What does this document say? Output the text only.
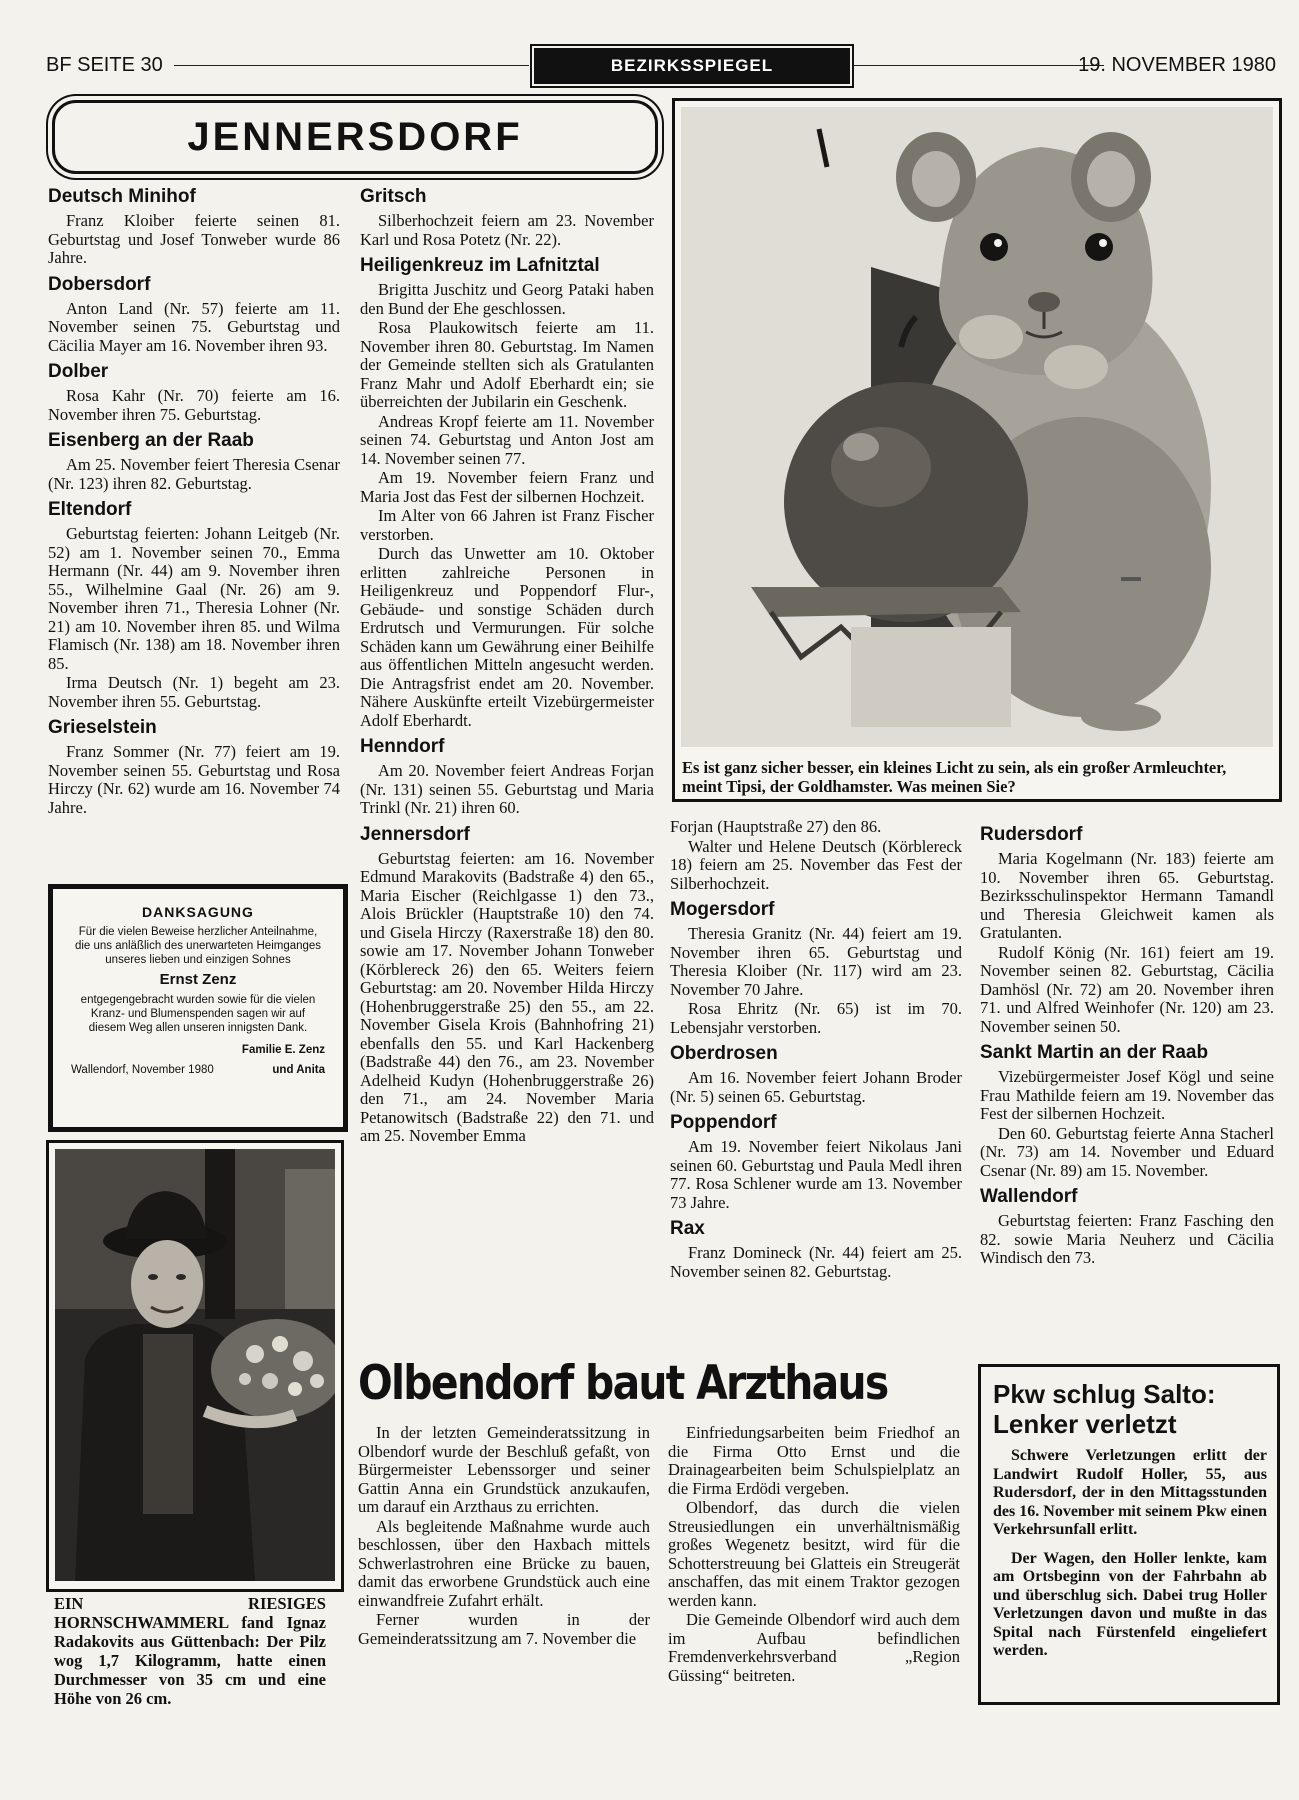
BF SEITE 30	BEZIRKSSPIEGEL	19. NOVEMBER 1980
JENNERSDORF
Deutsch Minihof

Franz Kloiber feierte seinen 81. Geburtstag und Josef Tonweber wurde 86 Jahre.

Dobersdorf

Anton Land (Nr. 57) feierte am 11. November seinen 75. Geburtstag und Cäcilia Mayer am 16. November ihren 93.

Dolber

Rosa Kahr (Nr. 70) feierte am 16. November ihren 75. Geburtstag.

Eisenberg an der Raab

Am 25. November feiert Theresia Csenar (Nr. 123) ihren 82. Geburtstag.

Eltendorf

Geburtstag feierten: Johann Leitgeb (Nr. 52) am 1. November seinen 70., Emma Hermann (Nr. 44) am 9. November ihren 55., Wilhelmine Gaal (Nr. 26) am 9. November ihren 71., Theresia Lohner (Nr. 21) am 10. November ihren 85. und Wilma Flamisch (Nr. 138) am 18. November ihren 85.

Irma Deutsch (Nr. 1) begeht am 23. November ihren 55. Geburtstag.

Grieselstein

Franz Sommer (Nr. 77) feiert am 19. November seinen 55. Geburtstag und Rosa Hirczy (Nr. 62) wurde am 16. November 74 Jahre.

Gritsch

Silberhochzeit feiern am 23. November Karl und Rosa Potetz (Nr. 22).

Heiligenkreuz im Lafnitztal

Brigitta Juschitz und Georg Pataki haben den Bund der Ehe geschlossen.

Rosa Plaukowitsch feierte am 11. November ihren 80. Geburtstag. Im Namen der Gemeinde stellten sich als Gratulanten Franz Mahr und Adolf Eberhardt ein; sie überreichten der Jubilarin ein Geschenk.

Andreas Kropf feierte am 11. November seinen 74. Geburtstag und Anton Jost am 14. November seinen 77.

Am 19. November feiern Franz und Maria Jost das Fest der silbernen Hochzeit.

Im Alter von 66 Jahren ist Franz Fischer verstorben.

Durch das Unwetter am 10. Oktober erlitten zahlreiche Personen in Heiligenkreuz und Poppendorf Flur-, Gebäude- und sonstige Schäden durch Erdrutsch und Vermurungen. Für solche Schäden kann um Gewährung einer Beihilfe aus öffentlichen Mitteln angesucht werden. Die Antragsfrist endet am 20. November. Nähere Auskünfte erteilt Vizebürgermeister Adolf Eberhardt.

Henndorf

Am 20. November feiert Andreas Forjan (Nr. 131) seinen 55. Geburtstag und Maria Trinkl (Nr. 21) ihren 60.

Jennersdorf

Geburtstag feierten: am 16. November Edmund Marakovits (Badstraße 4) den 65., Maria Eischer (Reichlgasse 1) den 73., Alois Brückler (Hauptstraße 10) den 74. und Gisela Hirczy (Raxerstraße 18) den 80. sowie am 17. November Johann Tonweber (Körblereck 26) den 65. Weiters feiern Geburtstag: am 20. November Hilda Hirczy (Hohenbruggerstraße 25) den 55., am 22. November Gisela Krois (Bahnhofring 21) ebenfalls den 55. und Karl Hackenberg (Badstraße 44) den 76., am 23. November Adelheid Kudyn (Hohenbruggerstraße 26) den 71., am 24. November Maria Petanowitsch (Badstraße 22) den 71. und am 25. November Emma

Forjan (Hauptstraße 27) den 86.

Walter und Helene Deutsch (Körblereck 18) feiern am 25. November das Fest der Silberhochzeit.

Mogersdorf

Theresia Granitz (Nr. 44) feiert am 19. November ihren 65. Geburtstag und Theresia Kloiber (Nr. 117) wird am 23. November 70 Jahre.

Rosa Ehritz (Nr. 65) ist im 70. Lebensjahr verstorben.

Oberdrosen

Am 16. November feiert Johann Broder (Nr. 5) seinen 65. Geburtstag.

Poppendorf

Am 19. November feiert Nikolaus Jani seinen 60. Geburtstag und Paula Medl ihren 77. Rosa Schlener wurde am 13. November 73 Jahre.

Rax

Franz Domineck (Nr. 44) feiert am 25. November seinen 82. Geburtstag.

Rudersdorf

Maria Kogelmann (Nr. 183) feierte am 10. November ihren 65. Geburtstag. Bezirksschulinspektor Hermann Tamandl und Theresia Gleichweit kamen als Gratulanten.

Rudolf König (Nr. 161) feiert am 19. November seinen 82. Geburtstag, Cäcilia Damhösl (Nr. 72) am 20. November ihren 71. und Alfred Weinhofer (Nr. 120) am 23. November seinen 50.

Sankt Martin an der Raab

Vizebürgermeister Josef Kögl und seine Frau Mathilde feiern am 19. November das Fest der silbernen Hochzeit.

Den 60. Geburtstag feierte Anna Stacherl (Nr. 73) am 14. November und Eduard Csenar (Nr. 89) am 15. November.

Wallendorf

Geburtstag feierten: Franz Fasching den 82. sowie Maria Neuherz und Cäcilia Windisch den 73.

DANKSAGUNG
Für die vielen Beweise herzlicher Anteilnahme, die uns anläßlich des unerwarteten Heimganges unseres lieben und einzigen Sohnes
Ernst Zenz
entgegengebracht wurden sowie für die vielen Kranz- und Blumenspenden sagen wir auf diesem Weg allen unseren innigsten Dank.
Familie E. Zenz
Wallendorf, November 1980	und Anita
EIN RIESIGES HORNSCHWAMMERL fand Ignaz Radakovits aus Güttenbach: Der Pilz wog 1,7 Kilogramm, hatte einen Durchmesser von 35 cm und eine Höhe von 26 cm.
Es ist ganz sicher besser, ein kleines Licht zu sein, als ein großer Armleuchter, meint Tipsi, der Goldhamster. Was meinen Sie?
Olbendorf baut Arzthaus

In der letzten Gemeinderatssitzung in Olbendorf wurde der Beschluß gefaßt, von Bürgermeister Lebenssorger und seiner Gattin Anna ein Grundstück anzukaufen, um darauf ein Arzthaus zu errichten.

Als begleitende Maßnahme wurde auch beschlossen, über den Haxbach mittels Schwerlastrohren eine Brücke zu bauen, damit das erworbene Grundstück auch eine einwandfreie Zufahrt erhält.

Ferner wurden in der Gemeinderatssitzung am 7. November die

Einfriedungsarbeiten beim Friedhof an die Firma Otto Ernst und die Drainagearbeiten beim Schulspielplatz an die Firma Erdödi vergeben.

Olbendorf, das durch die vielen Streusiedlungen ein unverhältnismäßig großes Wegenetz besitzt, wird für die Schotterstreuung bei Glatteis ein Streugerät anschaffen, das mit einem Traktor gezogen werden kann.

Die Gemeinde Olbendorf wird auch dem im Aufbau befindlichen Fremdenverkehrsverband „Region Güssing“ beitreten.

Pkw schlug Salto: Lenker verletzt

Schwere Verletzungen erlitt der Landwirt Rudolf Holler, 55, aus Rudersdorf, der in den Mittagsstunden des 16. November mit seinem Pkw einen Verkehrsunfall erlitt.

Der Wagen, den Holler lenkte, kam am Ortsbeginn von der Fahrbahn ab und überschlug sich. Dabei trug Holler Verletzungen davon und mußte in das Spital nach Fürstenfeld eingeliefert werden.
